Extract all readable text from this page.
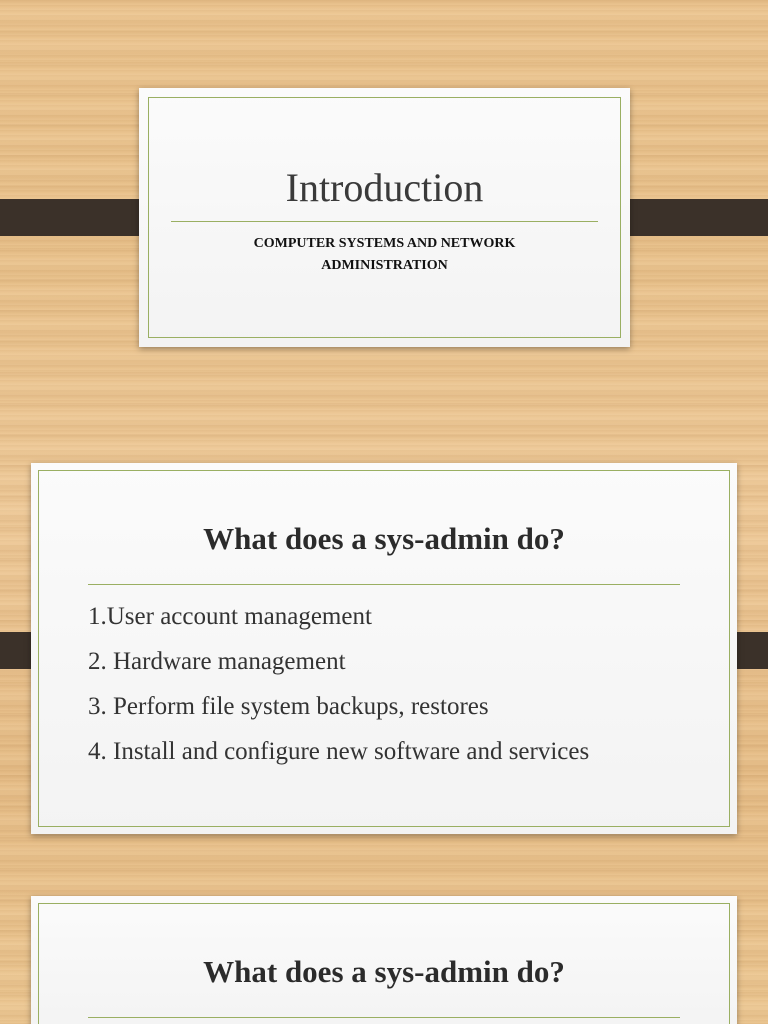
Introduction
COMPUTER SYSTEMS AND NETWORK ADMINISTRATION
What does a sys-admin do?
1.User account management
2. Hardware management
3. Perform file system backups, restores
4. Install and configure new software and services
What does a sys-admin do?
